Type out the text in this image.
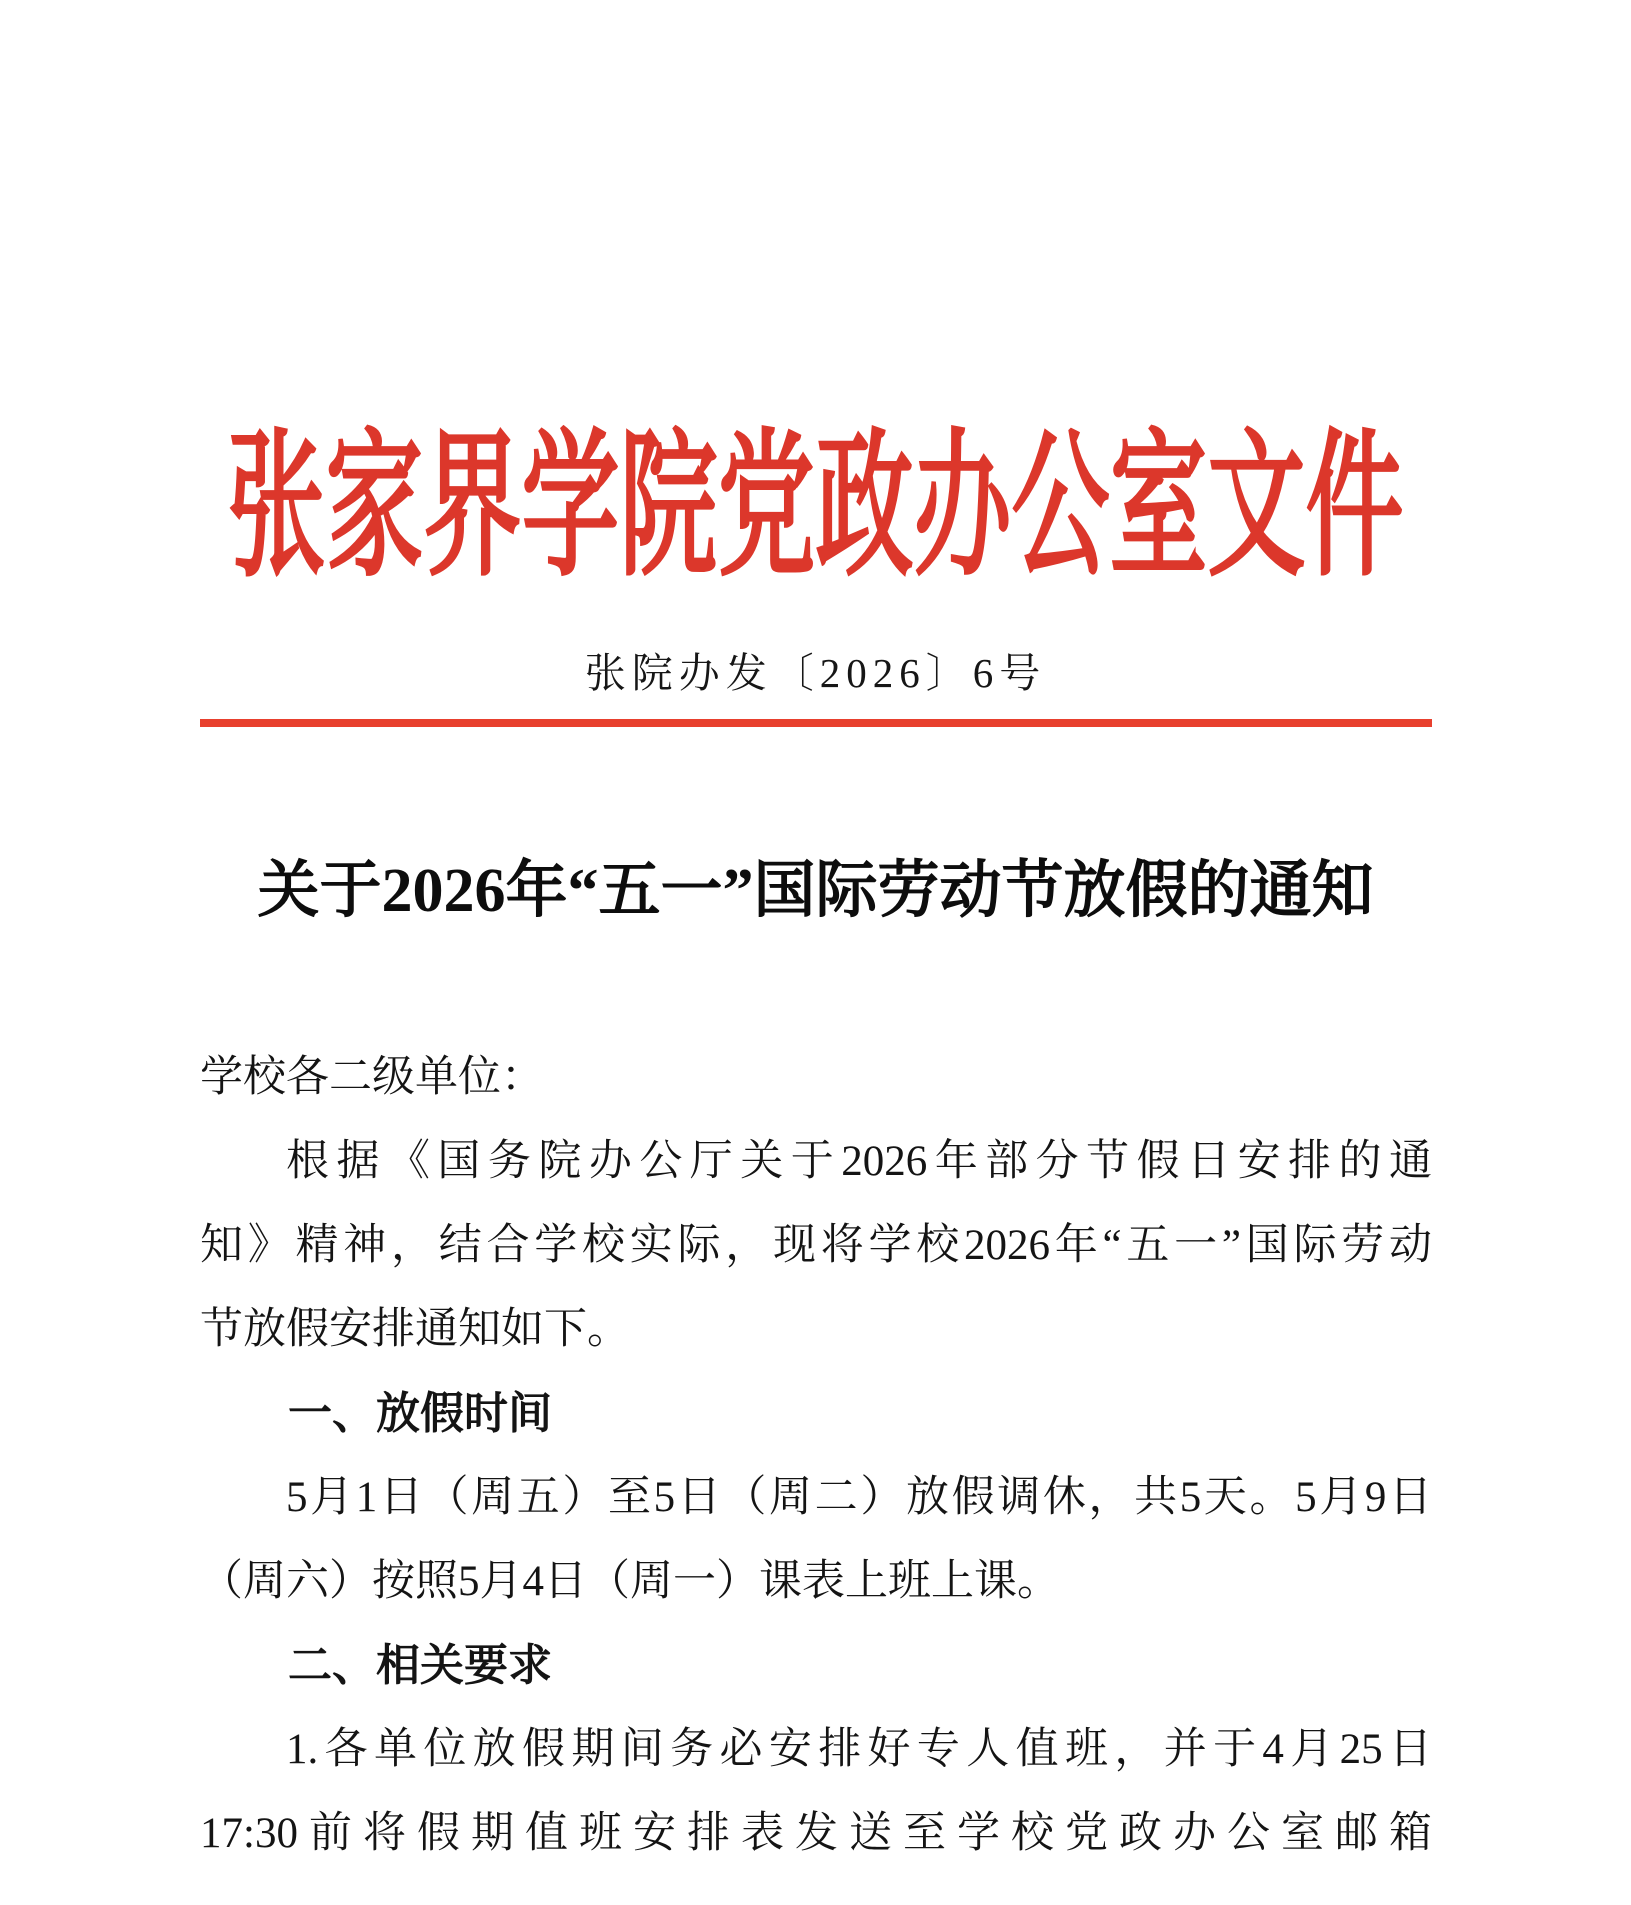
张家界学院党政办公室文件
张院办发〔2026〕6号
关于2026年“五一”国际劳动节放假的通知

学校各二级单位：

根据《国务院办公厅关于2026年部分节假日安排的通

知》精神，结合学校实际，现将学校2026年“五一”国际劳动

节放假安排通知如下。

一、放假时间

5月1日（周五）至5日（周二）放假调休，共5天。5月9日

（周六）按照5月4日（周一）课表上班上课。

二、相关要求

1.各单位放假期间务必安排好专人值班，并于4月25日

17:30前将假期值班安排表发送至学校党政办公室邮箱
